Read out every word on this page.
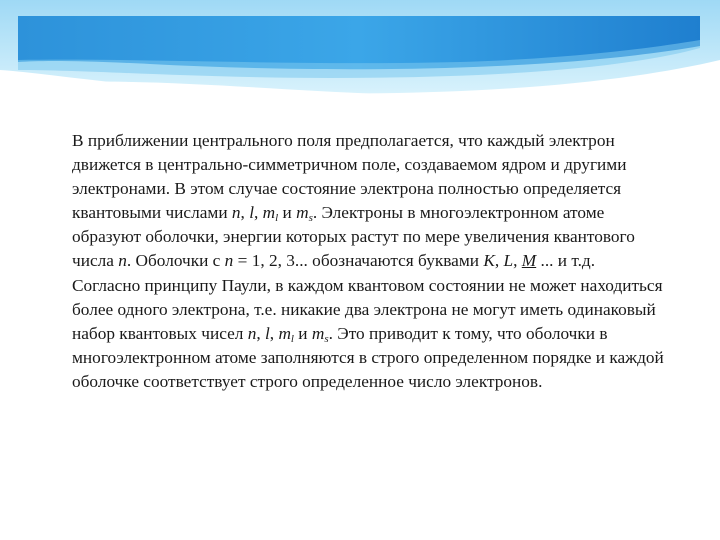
В приближении центрального поля предполагается, что каждый электрон движется в центрально-симметричном поле, создаваемом ядром и другими электронами. В этом случае состояние электрона полностью определяется квантовыми числами n, l, $m_l$ и $m_s$. Электроны в многоэлектронном атоме образуют оболочки, энергии которых растут по мере увеличения квантового числа n. Оболочки с n = 1, 2, 3... обозначаются буквами K, L, M ... и т.д. Согласно принципу Паули, в каждом квантовом состоянии не может находиться более одного электрона, т.е. никакие два электрона не могут иметь одинаковый набор квантовых чисел n, l, $m_l$ и $m_s$. Это приводит к тому, что оболочки в многоэлектронном атоме заполняются в строго определенном порядке и каждой оболочке соответствует строго определенное число электронов.
